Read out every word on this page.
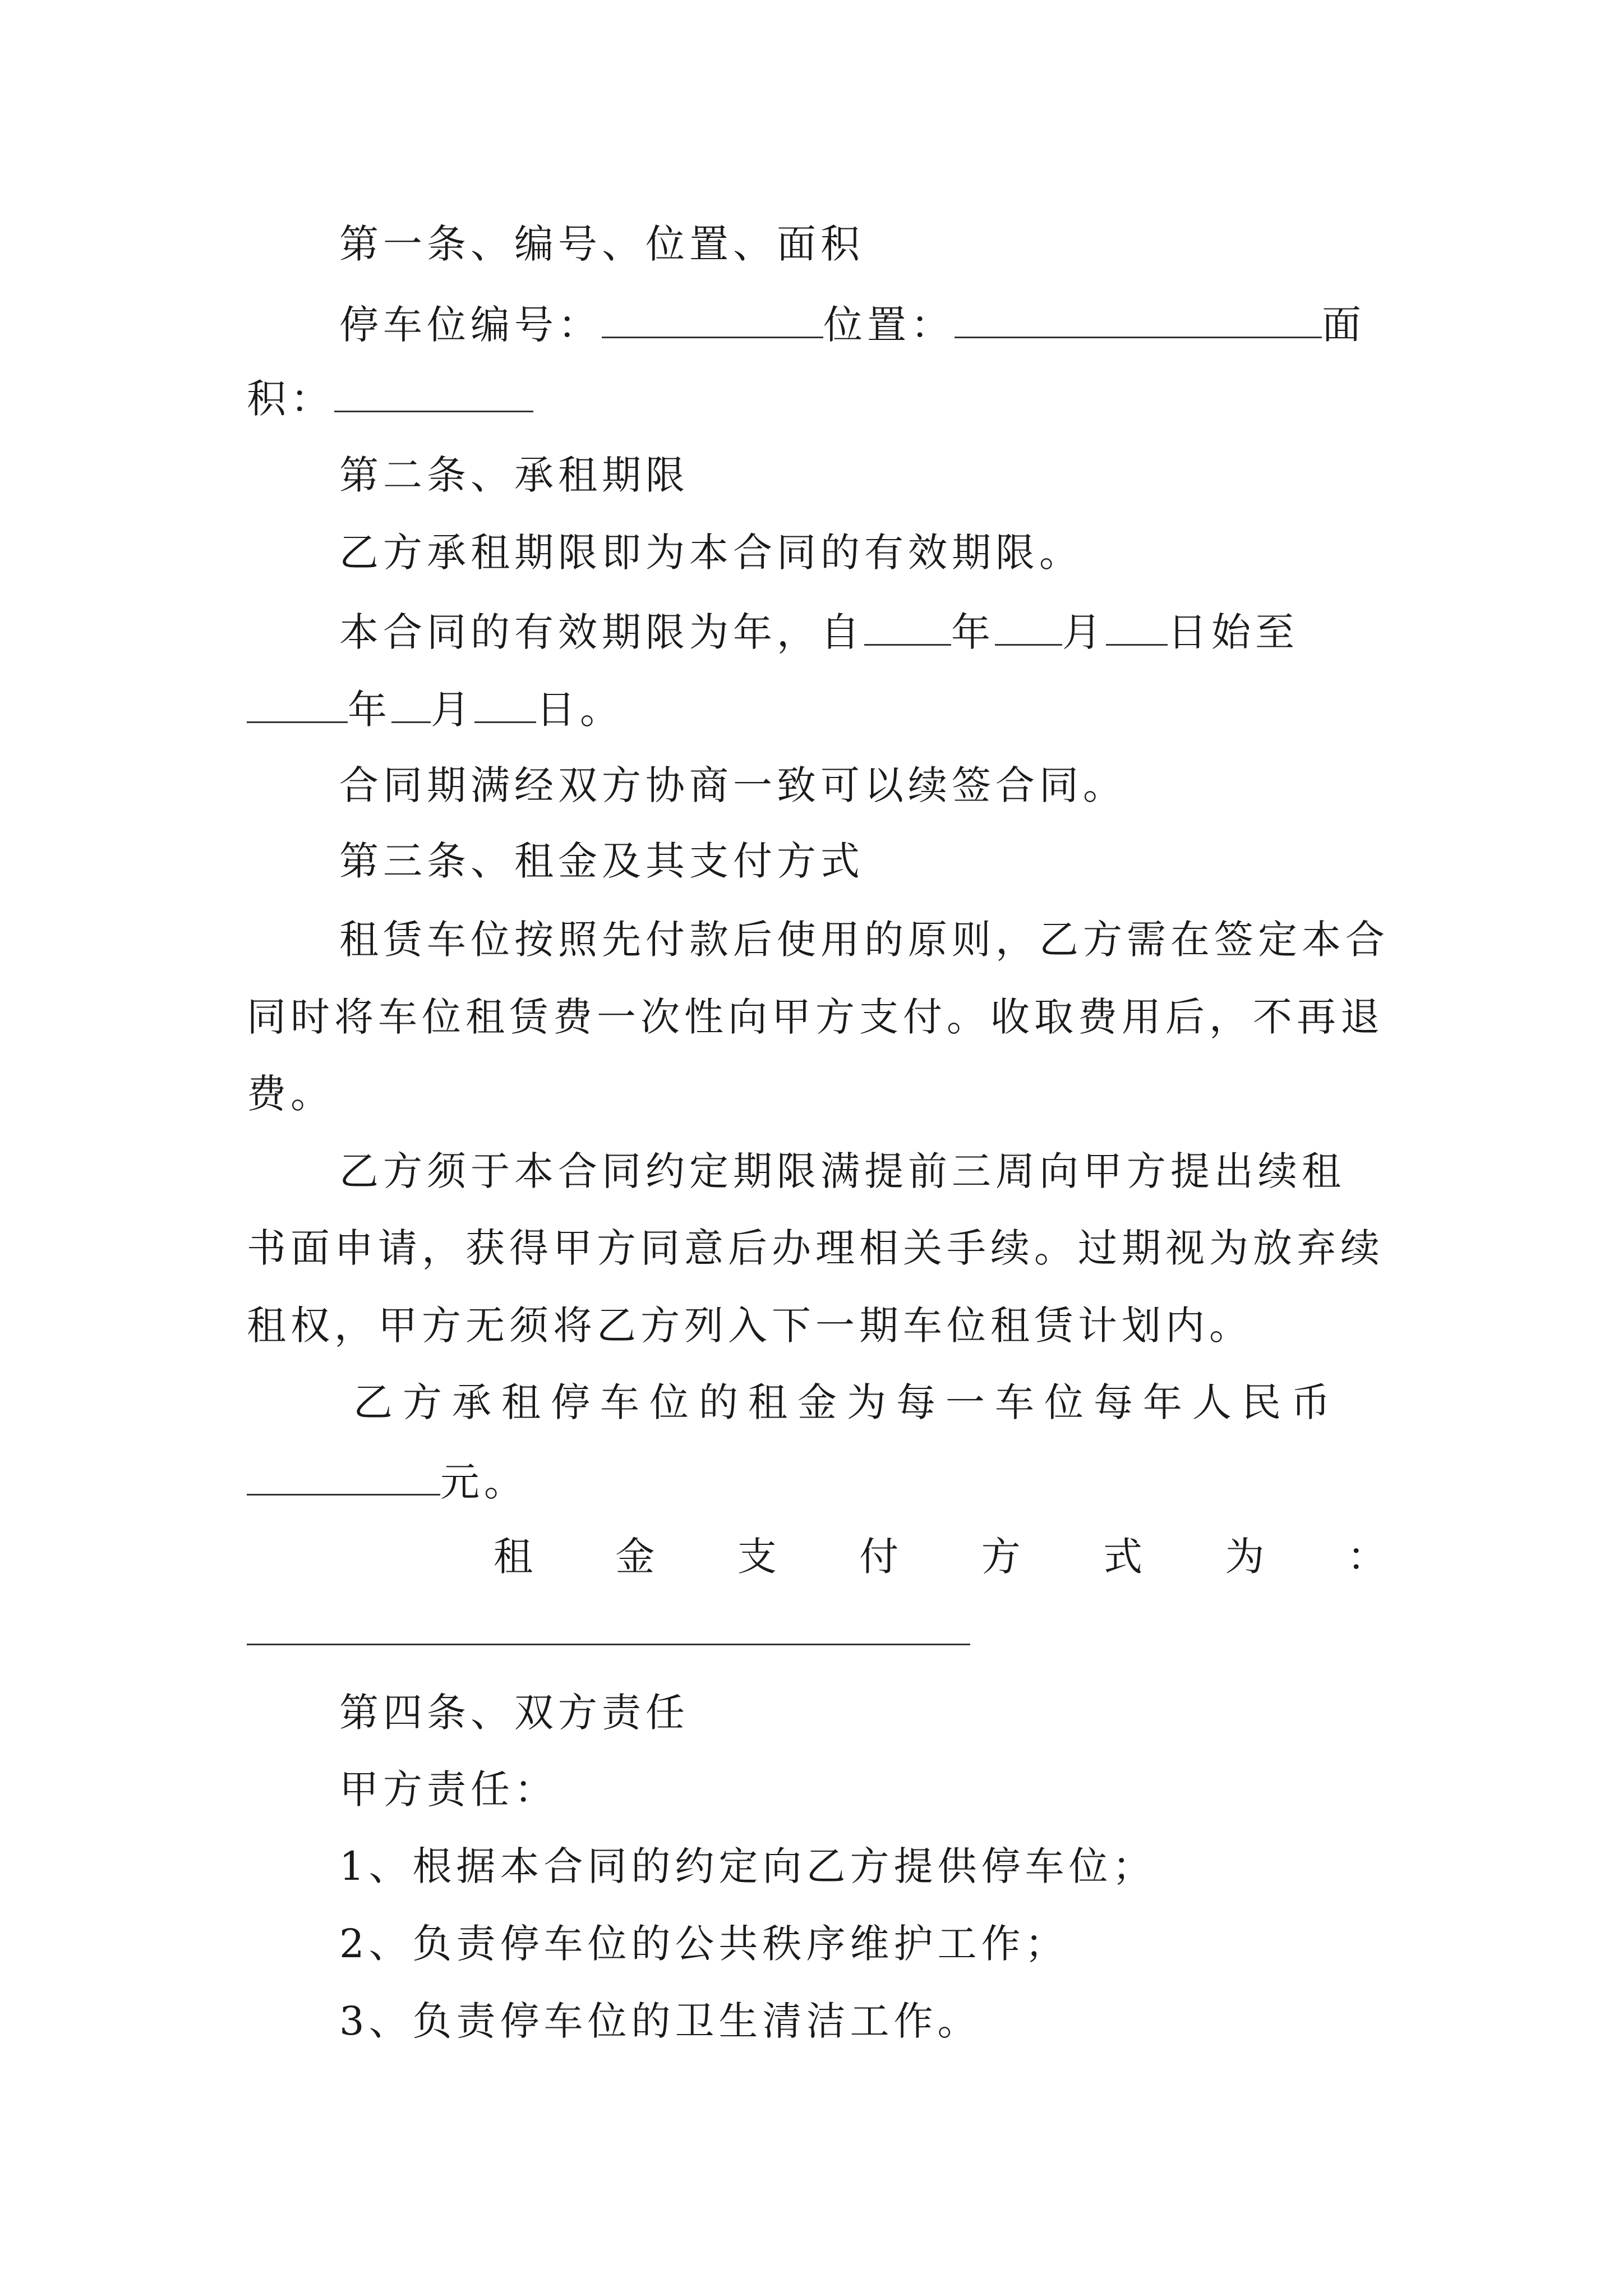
第一条、编号、位置、面积
停车位编号：	位置：	面
积：
第二条、承租期限
乙方承租期限即为本合同的有效期限。
本合同的有效期限为年，自 年 月 日始至
年 月 日。
合同期满经双方协商一致可以续签合同。
第三条、租金及其支付方式
租赁车位按照先付款后使用的原则，乙方需在签定本合
同时将车位租赁费一次性向甲方支付。收取费用后，不再退
费。
乙方须于本合同约定期限满提前三周向甲方提出续租
书面申请，获得甲方同意后办理相关手续。过期视为放弃续
租权，甲方无须将乙方列入下一期车位租赁计划内。
乙方承租停车位的租金为每一车位每年人民币
元。
租 金 支 付 方 式 为 ：
第四条、双方责任
甲方责任：
1、根据本合同的约定向乙方提供停车位；
2、负责停车位的公共秩序维护工作；
3、负责停车位的卫生清洁工作。
